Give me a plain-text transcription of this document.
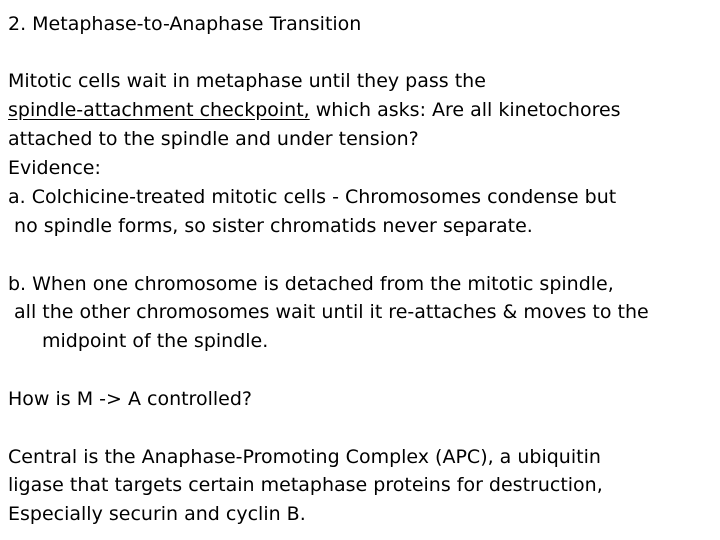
2. Metaphase-to-Anaphase Transition
Mitotic cells wait in metaphase until they pass the
spindle-attachment checkpoint, which asks: Are all kinetochores
attached to the spindle and under tension?
Evidence:
a. Colchicine-treated mitotic cells - Chromosomes condense but
no spindle forms, so sister chromatids never separate.
b. When one chromosome is detached from the mitotic spindle,
all the other chromosomes wait until it re-attaches & moves to the
midpoint of the spindle.
How is M -> A controlled?
Central is the Anaphase-Promoting Complex (APC), a ubiquitin
ligase that targets certain metaphase proteins for destruction,
Especially securin and cyclin B.
